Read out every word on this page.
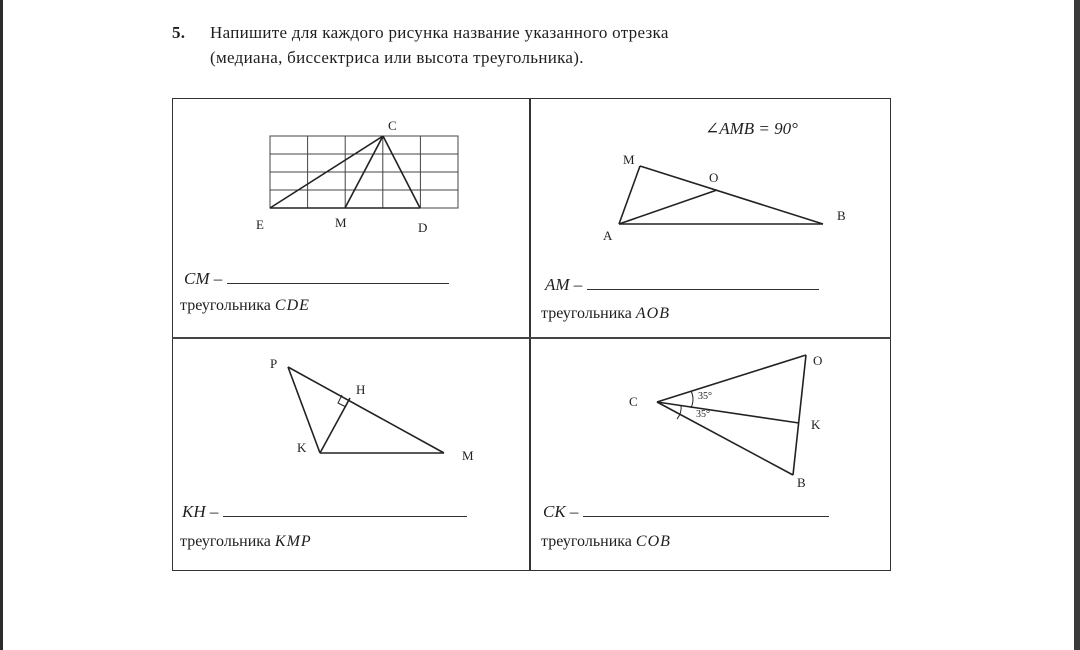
5. Напишите для каждого рисунка название указанного отрезка
(медиана, биссектриса или высота треугольника).
C
E	M	D
CM –
треугольника CDE
∠AMB = 90°
M
O
A
B
AM –
треугольника AOB
P
H
K
M
KH –
треугольника KMP
C
O
K
B
35°
35°
CK –
треугольника COB
